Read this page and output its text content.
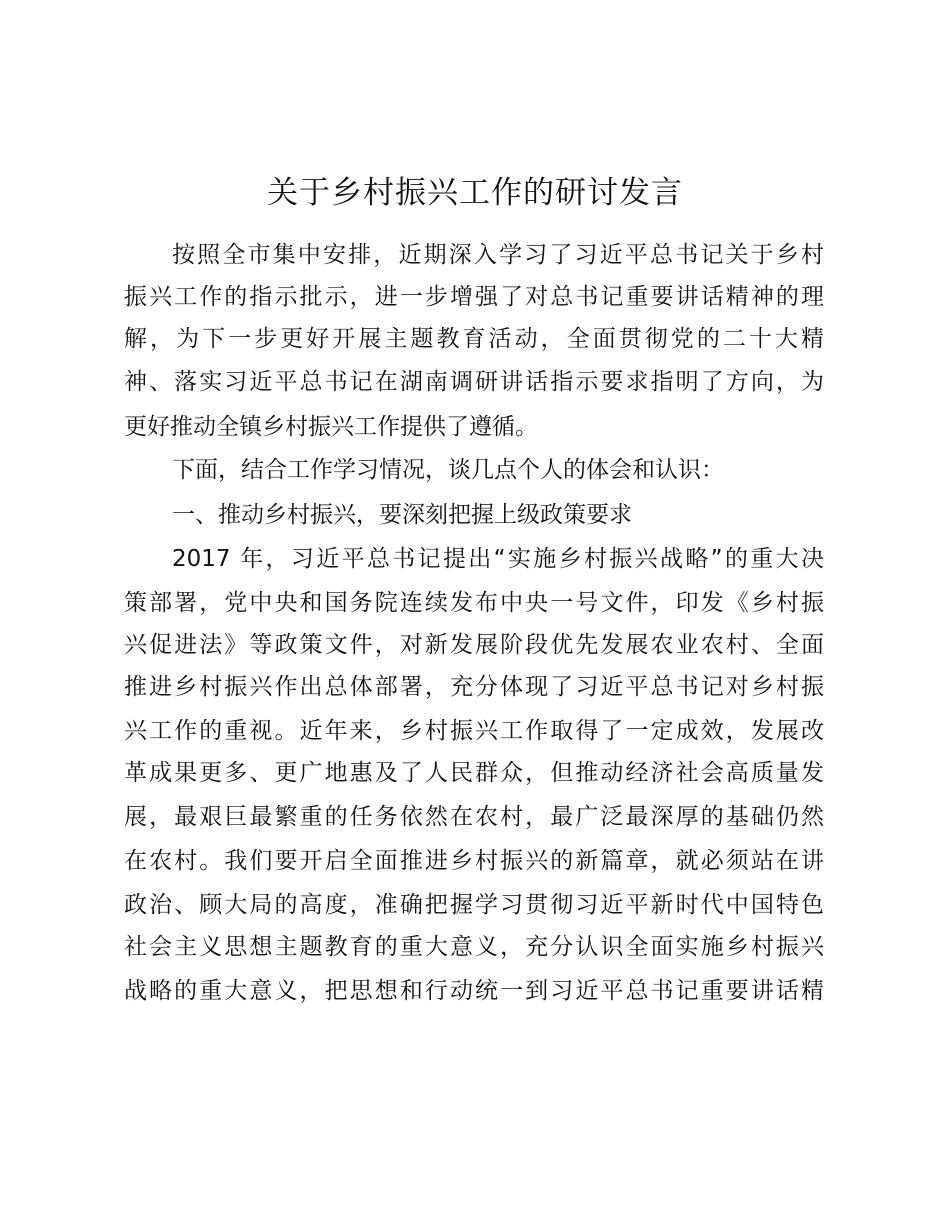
关于乡村振兴工作的研讨发言

按照全市集中安排，近期深入学习了习近平总书记关于乡村

振兴工作的指示批示，进一步增强了对总书记重要讲话精神的理

解，为下一步更好开展主题教育活动，全面贯彻党的二十大精

神、落实习近平总书记在湖南调研讲话指示要求指明了方向，为

更好推动全镇乡村振兴工作提供了遵循。

下面，结合工作学习情况，谈几点个人的体会和认识：

一、推动乡村振兴，要深刻把握上级政策要求

2017 年，习近平总书记提出“实施乡村振兴战略”的重大决

策部署，党中央和国务院连续发布中央一号文件，印发《乡村振

兴促进法》等政策文件，对新发展阶段优先发展农业农村、全面

推进乡村振兴作出总体部署，充分体现了习近平总书记对乡村振

兴工作的重视。近年来，乡村振兴工作取得了一定成效，发展改

革成果更多、更广地惠及了人民群众，但推动经济社会高质量发

展，最艰巨最繁重的任务依然在农村，最广泛最深厚的基础仍然

在农村。我们要开启全面推进乡村振兴的新篇章，就必须站在讲

政治、顾大局的高度，准确把握学习贯彻习近平新时代中国特色

社会主义思想主题教育的重大意义，充分认识全面实施乡村振兴

战略的重大意义，把思想和行动统一到习近平总书记重要讲话精
